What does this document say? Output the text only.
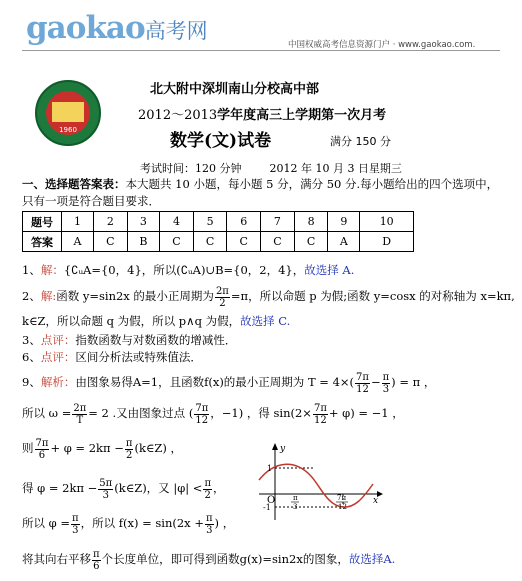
gaokao高考网
中国权威高考信息资源门户 · www.gaokao.com.
1960
北大附中深圳南山分校高中部
2012～2013学年度高三上学期第一次月考
数学(文)试卷	满分 150 分
考试时间：120 分钟        2012 年 10 月 3 日星期三
一、选择题答案表：本大题共 10 小题，每小题 5 分，满分 50 分.每小题给出的四个选项中，
只有一项是符合题目要求．
题号	1	2	3	4	5	6	7	8	9	10
答案	A	C	B	C	C	C	C	C	A	D
1、解：{∁ᵤA={0，4}，所以(∁ᵤA)∪B={0，2，4}，故选择 A.
2、解:函数 y=sin2x 的最小正周期为 $\frac{2\pi}{2} =\pi$，所以命题 p 为假;函数 y=cosx 的对称轴为 x=kπ,
k∈Z，所以命题 q 为假，所以 p∧q 为假，故选择 C.
3、点评：指数函数与对数函数的增减性．
6、点评：区间分析法或特殊值法．
9、解析：由图象易得A=1，且函数f(x)的最小正周期为 $T = 4\times( \frac{7\pi}{12} - \frac{\pi}{3}$ ) = π ，
所以 $\omega = \frac{2\pi}{T} = 2$ .又由图象过点 ( $\frac{7\pi}{12}$ ，−1) ，得 $\sin(2\times \frac{7\pi}{12} + \varphi) = -1$ ，
则 $\frac{7\pi}{6} + \varphi = 2k\pi - \frac{\pi}{2}$ (k∈Z) ，
得 $\varphi = 2k\pi - \frac{5\pi}{3}$ (k∈Z)，又 $|\varphi| < \frac{\pi}{2}$ ，
所以 $\varphi = \frac{\pi}{3}$ ，所以 $f(x) = \sin(2x + \frac{\pi}{3}$ ) ，
将其向右平移 $\frac{\pi}{6}$ 个长度单位，即可得到函数g(x)=sin2x的图象，故选择A.
y
x
O
1
-1
π
3
7π
12
